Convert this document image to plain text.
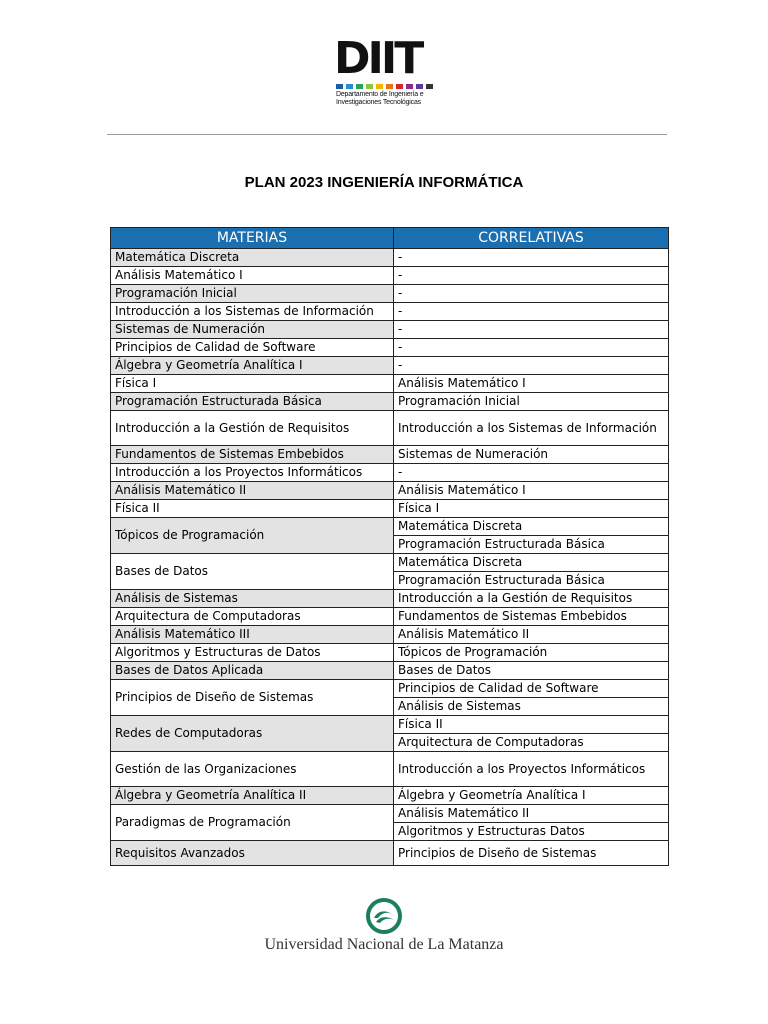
DIIT
Departamento de Ingeniería e
Investigaciones Tecnológicas
PLAN 2023 INGENIERÍA INFORMÁTICA
MATERIAS	CORRELATIVAS
Matemática Discreta	-
Análisis Matemático I	-
Programación Inicial	-
Introducción a los Sistemas de Información	-
Sistemas de Numeración	-
Principios de Calidad de Software	-
Álgebra y Geometría Analítica I	-
Física I	Análisis Matemático I
Programación Estructurada Básica	Programación Inicial
Introducción a la Gestión de Requisitos	Introducción a los Sistemas de Información
Fundamentos de Sistemas Embebidos	Sistemas de Numeración
Introducción a los Proyectos Informáticos	-
Análisis Matemático II	Análisis Matemático I
Física II	Física I
Tópicos de Programación	Matemática Discreta
	Programación Estructurada Básica
Bases de Datos	Matemática Discreta
	Programación Estructurada Básica
Análisis de Sistemas	Introducción a la Gestión de Requisitos
Arquitectura de Computadoras	Fundamentos de Sistemas Embebidos
Análisis Matemático III	Análisis Matemático II
Algoritmos y Estructuras de Datos	Tópicos de Programación
Bases de Datos Aplicada	Bases de Datos
Principios de Diseño de Sistemas	Principios de Calidad de Software
	Análisis de Sistemas
Redes de Computadoras	Física II
	Arquitectura de Computadoras
Gestión de las Organizaciones	Introducción a los Proyectos Informáticos
Álgebra y Geometría Analítica II	Álgebra y Geometría Analítica I
Paradigmas de Programación	Análisis Matemático II
	Algoritmos y Estructuras Datos
Requisitos Avanzados	Principios de Diseño de Sistemas
Universidad Nacional de La Matanza
